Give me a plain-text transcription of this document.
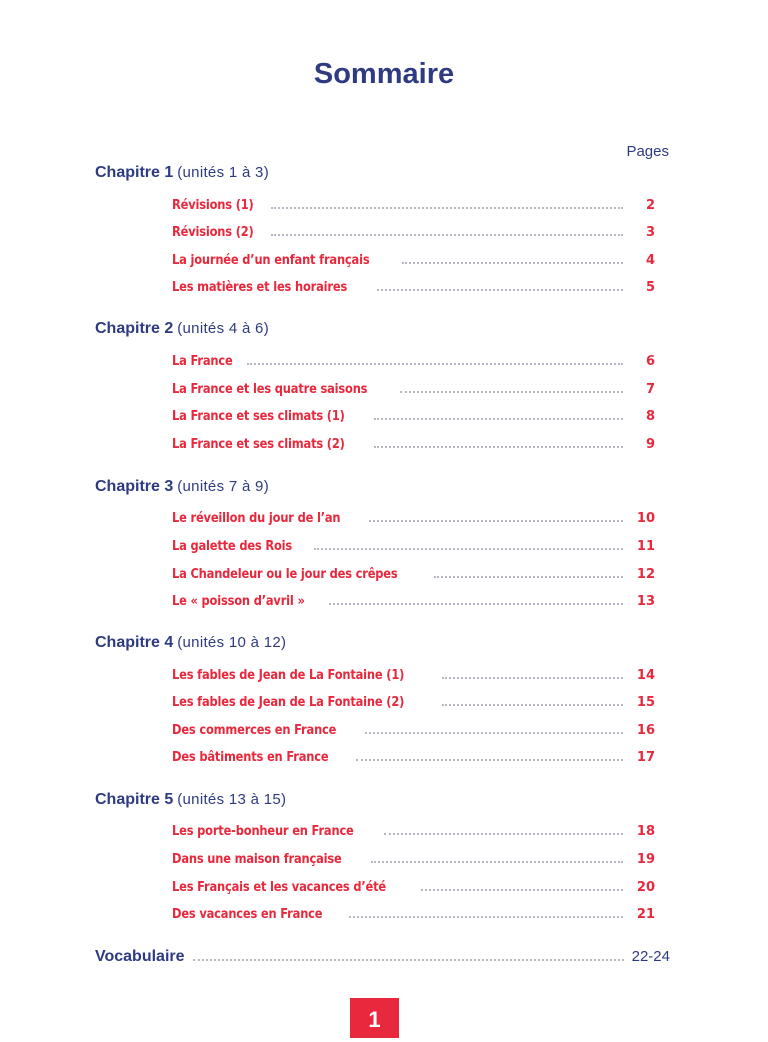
Sommaire
Pages
Chapitre 1 (unités 1 à 3)
Révisions (1)	2
Révisions (2)	3
La journée d’un enfant français	4
Les matières et les horaires	5
Chapitre 2 (unités 4 à 6)
La France	6
La France et les quatre saisons	7
La France et ses climats (1)	8
La France et ses climats (2)	9
Chapitre 3 (unités 7 à 9)
Le réveillon du jour de l’an	10
La galette des Rois	11
La Chandeleur ou le jour des crêpes	12
Le « poisson d’avril »	13
Chapitre 4 (unités 10 à 12)
Les fables de Jean de La Fontaine (1)	14
Les fables de Jean de La Fontaine (2)	15
Des commerces en France	16
Des bâtiments en France	17
Chapitre 5 (unités 13 à 15)
Les porte-bonheur en France	18
Dans une maison française	19
Les Français et les vacances d’été	20
Des vacances en France	21
Vocabulaire	22-24
1
